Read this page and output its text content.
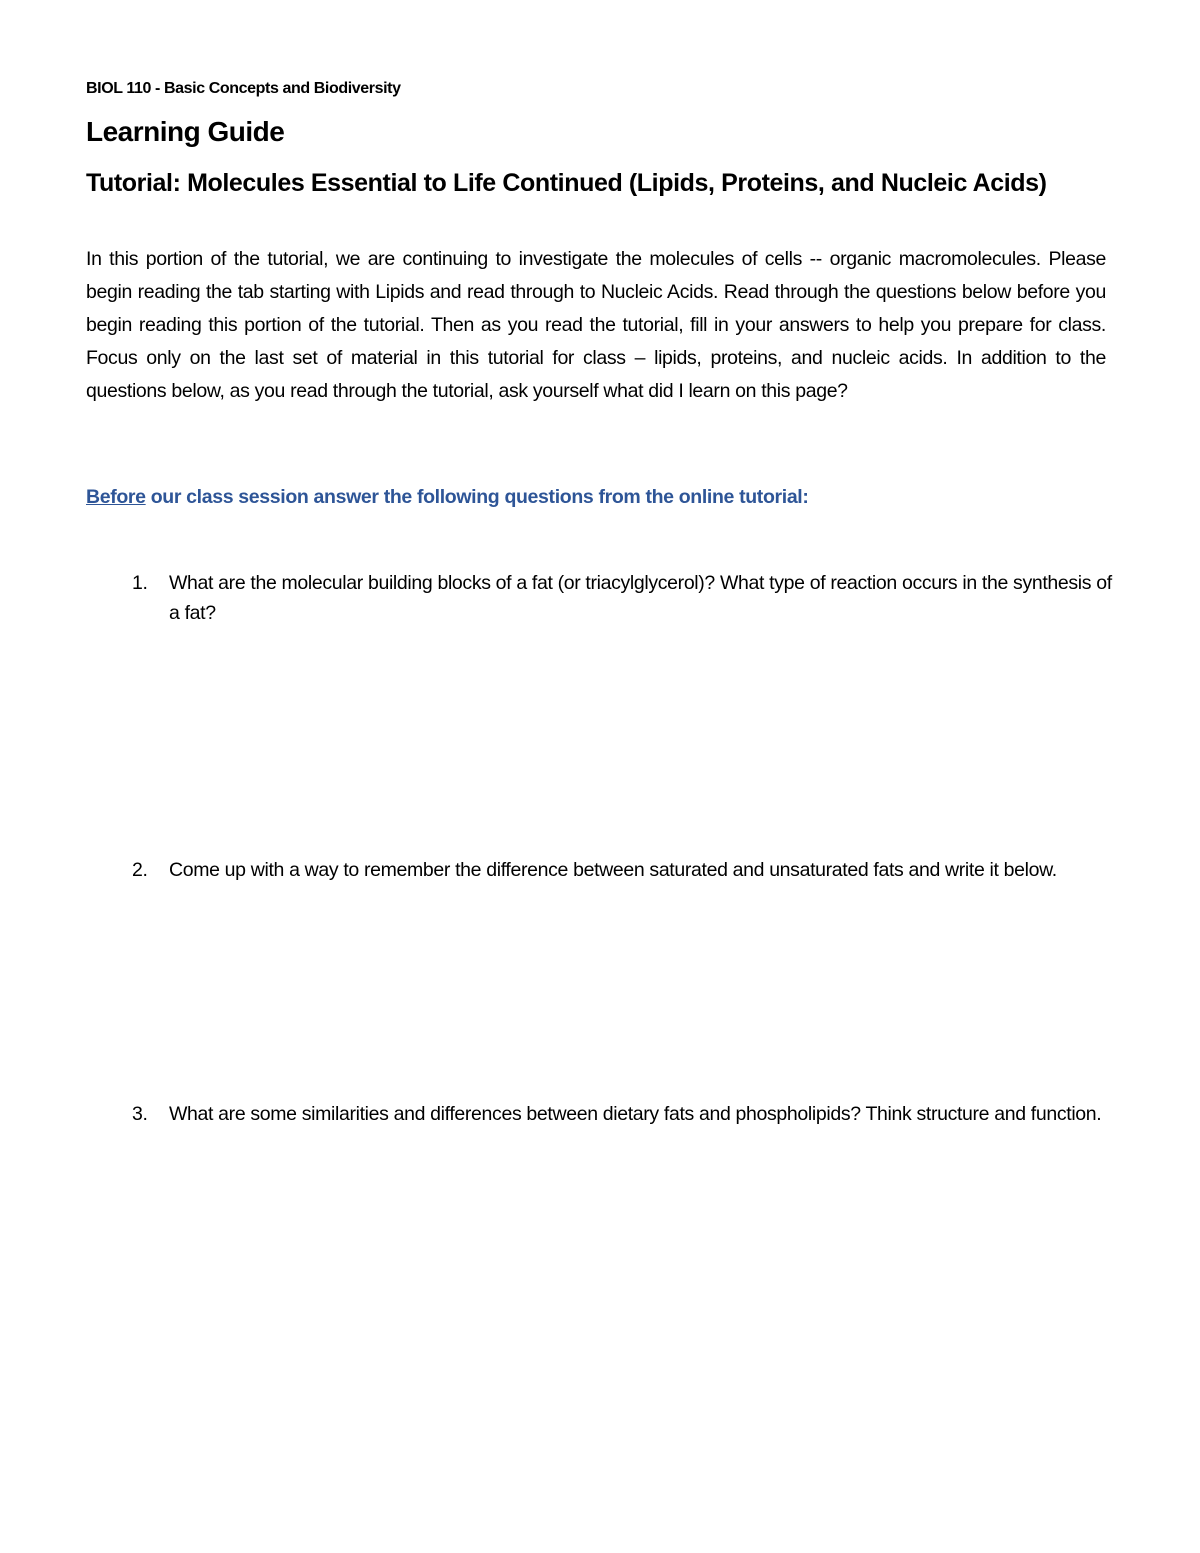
BIOL 110 - Basic Concepts and Biodiversity
Learning Guide
Tutorial: Molecules Essential to Life Continued (Lipids, Proteins, and Nucleic Acids)
In this portion of the tutorial, we are continuing to investigate the molecules of cells -- organic macromolecules. Please begin reading the tab starting with Lipids and read through to Nucleic Acids. Read through the questions below before you begin reading this portion of the tutorial. Then as you read the tutorial, fill in your answers to help you prepare for class. Focus only on the last set of material in this tutorial for class – lipids, proteins, and nucleic acids. In addition to the questions below, as you read through the tutorial, ask yourself what did I learn on this page?
Before our class session answer the following questions from the online tutorial:
1. What are the molecular building blocks of a fat (or triacylglycerol)? What type of reaction occurs in the synthesis of a fat?
2. Come up with a way to remember the difference between saturated and unsaturated fats and write it below.
3. What are some similarities and differences between dietary fats and phospholipids? Think structure and function.
